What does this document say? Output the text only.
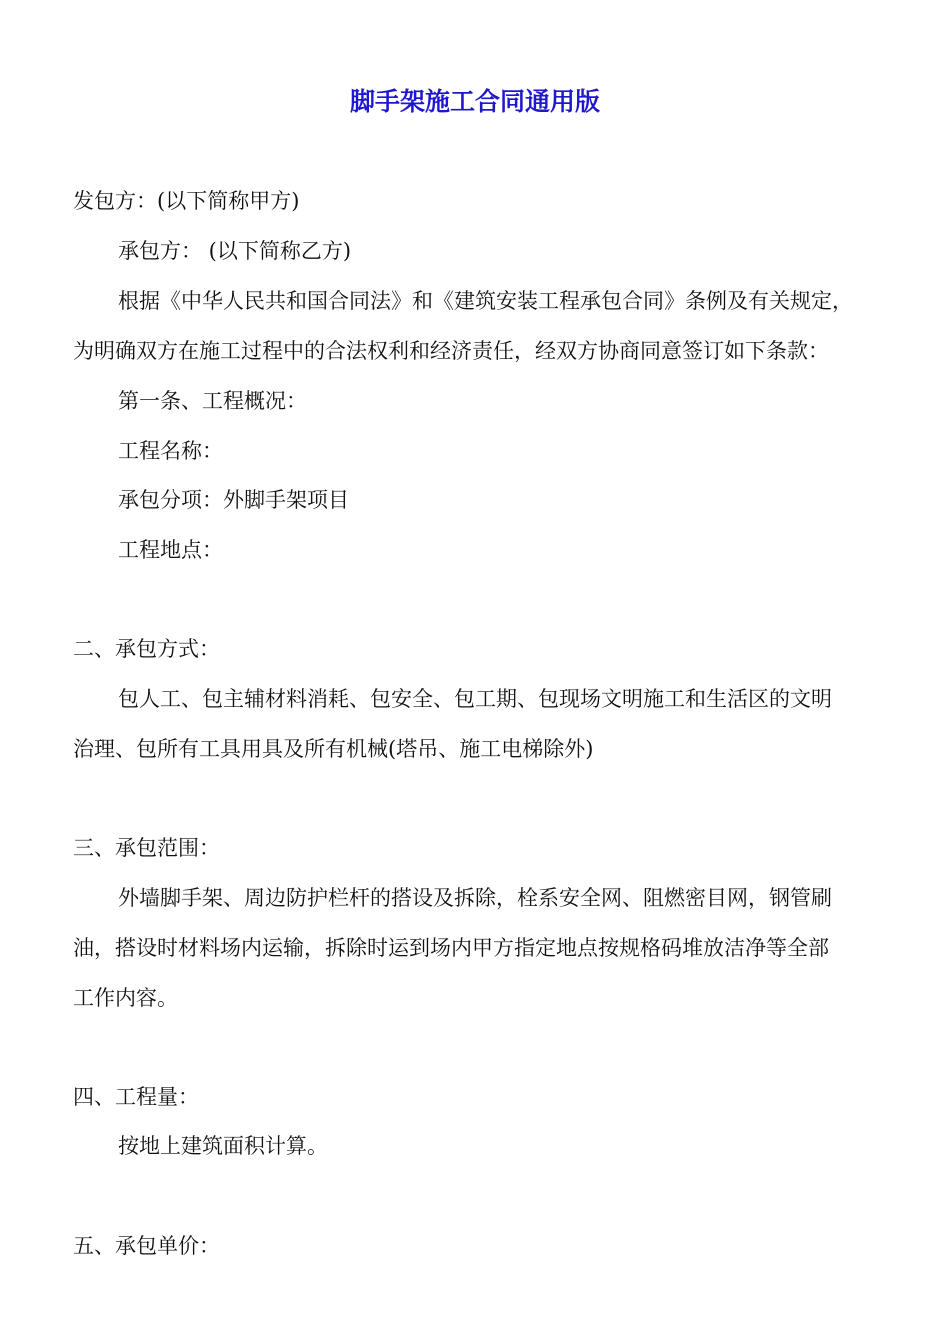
脚手架施工合同通用版
发包方：(以下简称甲方)
承包方： (以下简称乙方)
根据《中华人民共和国合同法》和《建筑安装工程承包合同》条例及有关规定，
为明确双方在施工过程中的合法权利和经济责任，经双方协商同意签订如下条款：
第一条、工程概况：
工程名称：
承包分项：外脚手架项目
工程地点：
二、承包方式：
包人工、包主辅材料消耗、包安全、包工期、包现场文明施工和生活区的文明
治理、包所有工具用具及所有机械(塔吊、施工电梯除外)
三、承包范围：
外墙脚手架、周边防护栏杆的搭设及拆除，栓系安全网、阻燃密目网，钢管刷
油，搭设时材料场内运输，拆除时运到场内甲方指定地点按规格码堆放洁净等全部
工作内容。
四、工程量：
按地上建筑面积计算。
五、承包单价：
